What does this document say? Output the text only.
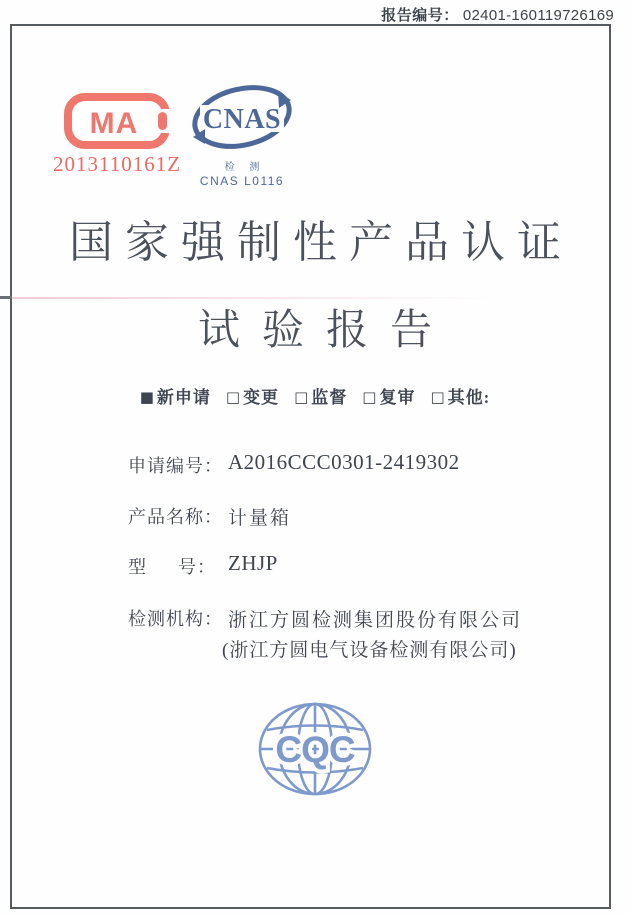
报告编号： 02401-160119726169
MA
2013110161Z
CNAS
检 测
CNAS L0116
国家强制性产品认证
试验报告
■ 新申请 □ 变更 □ 监督 □ 复审 □ 其他:
申请编号： A2016CCC0301-2419302
产品名称： 计量箱
型 号： ZHJP
检测机构： 浙江方圆检测集团股份有限公司
(浙江方圆电气设备检测有限公司)
CQC
